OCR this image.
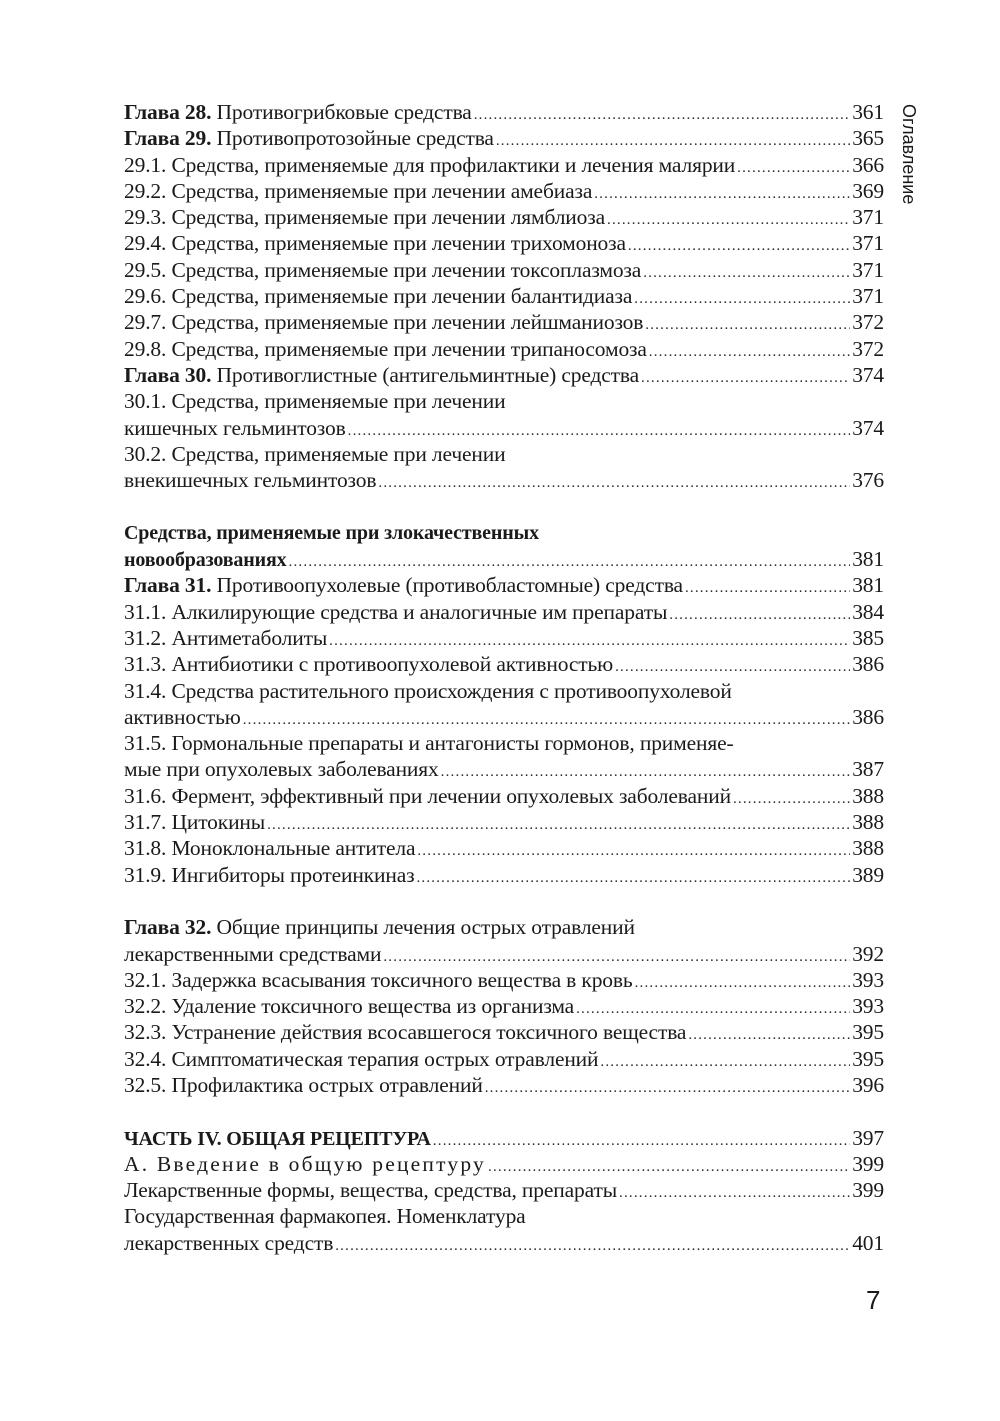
Оглавление
Глава 28. Противогрибковые средства .....	361
Глава 29. Противопротозойные средства .....	365
29.1. Средства, применяемые для профилактики и лечения малярии .....	366
29.2. Средства, применяемые при лечении амебиаза .....	369
29.3. Средства, применяемые при лечении лямблиоза .....	371
29.4. Средства, применяемые при лечении трихомоноза .....	371
29.5. Средства, применяемые при лечении токсоплазмоза .....	371
29.6. Средства, применяемые при лечении балантидиаза .....	371
29.7. Средства, применяемые при лечении лейшманиозов .....	372
29.8. Средства, применяемые при лечении трипаносомоза .....	372
Глава 30. Противоглистные (антигельминтные) средства .....	374
30.1. Средства, применяемые при лечении
кишечных гельминтозов .....	374
30.2. Средства, применяемые при лечении
внекишечных гельминтозов .....	376
Средства, применяемые при злокачественных
новообразованиях .....	381
Глава 31. Противоопухолевые (противобластомные) средства .....	381
31.1. Алкилирующие средства и аналогичные им препараты .....	384
31.2. Антиметаболиты .....	385
31.3. Антибиотики с противоопухолевой активностью .....	386
31.4. Средства растительного происхождения с противоопухолевой
активностью .....	386
31.5. Гормональные препараты и антагонисты гормонов, применяе-
мые при опухолевых заболеваниях .....	387
31.6. Фермент, эффективный при лечении опухолевых заболеваний .....	388
31.7. Цитокины .....	388
31.8. Моноклональные антитела .....	388
31.9. Ингибиторы протеинкиназ .....	389
Глава 32. Общие принципы лечения острых отравлений
лекарственными средствами .....	392
32.1. Задержка всасывания токсичного вещества в кровь .....	393
32.2. Удаление токсичного вещества из организма .....	393
32.3. Устранение действия всосавшегося токсичного вещества .....	395
32.4. Симптоматическая терапия острых отравлений .....	395
32.5. Профилактика острых отравлений .....	396
ЧАСТЬ IV. ОБЩАЯ РЕЦЕПТУРА .....	397
А. Введение в общую рецептуру .....	399
Лекарственные формы, вещества, средства, препараты .....	399
Государственная фармакопея. Номенклатура
лекарственных средств .....	401
7
